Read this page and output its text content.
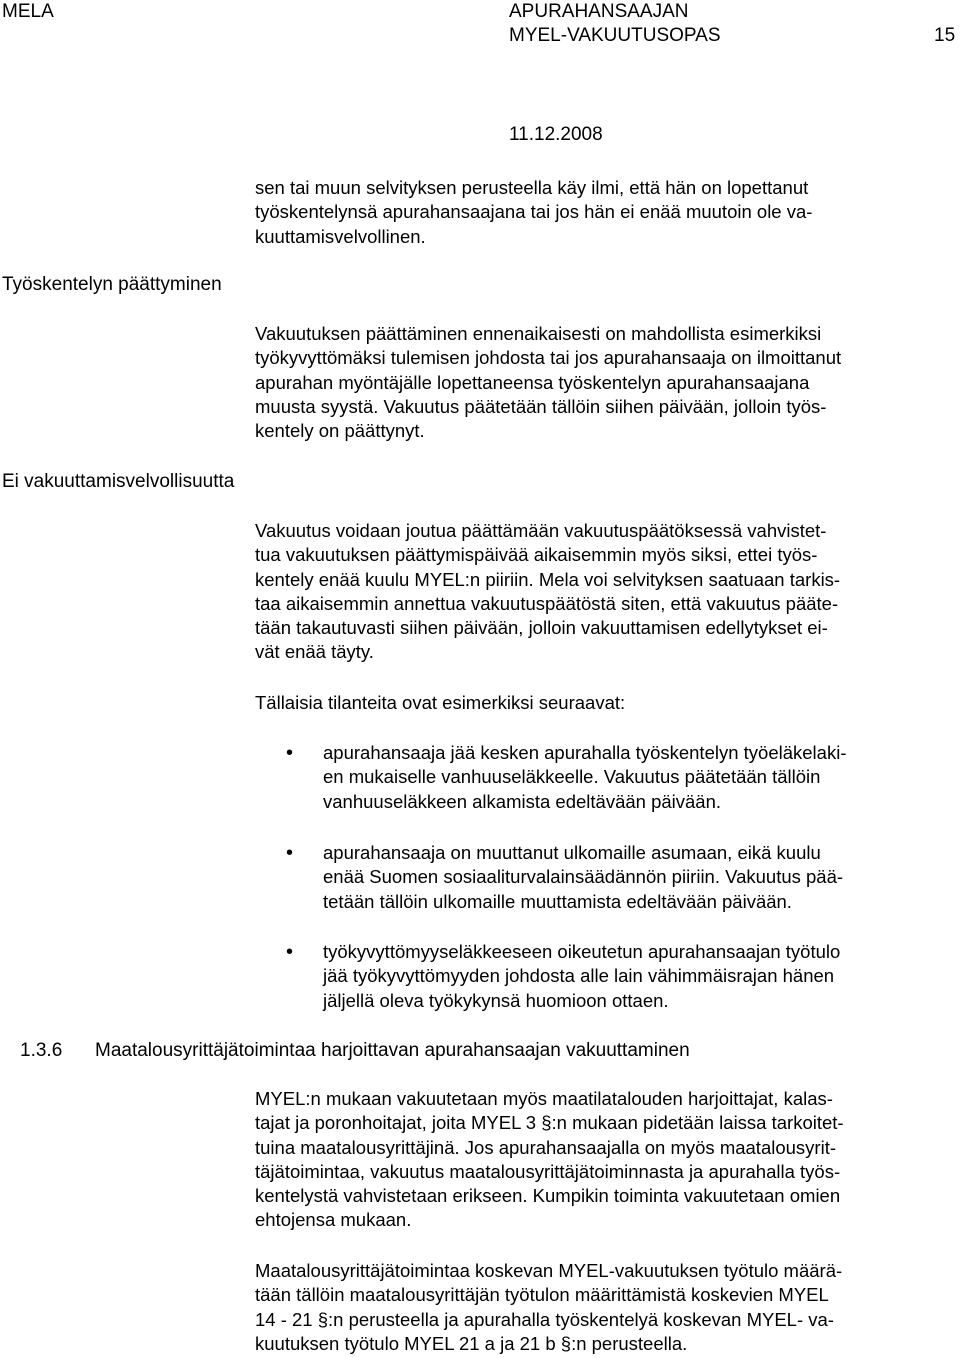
MELA	APURAHANSAAJAN
MYEL-VAKUUTUSOPAS	15
11.12.2008
sen tai muun selvityksen perusteella käy ilmi, että hän on lopettanut
työskentelynsä apurahansaajana tai jos hän ei enää muutoin ole va-
kuuttamisvelvollinen.
Työskentelyn päättyminen
Vakuutuksen päättäminen ennenaikaisesti on mahdollista esimerkiksi
työkyvyttömäksi tulemisen johdosta tai jos apurahansaaja on ilmoittanut
apurahan myöntäjälle lopettaneensa työskentelyn apurahansaajana
muusta syystä. Vakuutus päätetään tällöin siihen päivään, jolloin työs-
kentely on päättynyt.
Ei vakuuttamisvelvollisuutta
Vakuutus voidaan joutua päättämään vakuutuspäätöksessä vahvistet-
tua vakuutuksen päättymispäivää aikaisemmin myös siksi, ettei työs-
kentely enää kuulu MYEL:n piiriin. Mela voi selvityksen saatuaan tarkis-
taa aikaisemmin annettua vakuutuspäätöstä siten, että vakuutus pääte-
tään takautuvasti siihen päivään, jolloin vakuuttamisen edellytykset ei-
vät enää täyty.
Tällaisia tilanteita ovat esimerkiksi seuraavat:
•	apurahansaaja jää kesken apurahalla työskentelyn työeläkelaki-
en mukaiselle vanhuuseläkkeelle. Vakuutus päätetään tällöin
vanhuuseläkkeen alkamista edeltävään päivään.
•	apurahansaaja on muuttanut ulkomaille asumaan, eikä kuulu
enää Suomen sosiaaliturvalainsäädännön piiriin. Vakuutus pää-
tetään tällöin ulkomaille muuttamista edeltävään päivään.
•	työkyvyttömyyseläkkeeseen oikeutetun apurahansaajan työtulo
jää työkyvyttömyyden johdosta alle lain vähimmäisrajan hänen
jäljellä oleva työkykynsä huomioon ottaen.
1.3.6 Maatalousyrittäjätoimintaa harjoittavan apurahansaajan vakuuttaminen
MYEL:n mukaan vakuutetaan myös maatilatalouden harjoittajat, kalas-
tajat ja poronhoitajat, joita MYEL 3 §:n mukaan pidetään laissa tarkoitet-
tuina maatalousyrittäjinä. Jos apurahansaajalla on myös maatalousyrit-
täjätoimintaa, vakuutus maatalousyrittäjätoiminnasta ja apurahalla työs-
kentelystä vahvistetaan erikseen. Kumpikin toiminta vakuutetaan omien
ehtojensa mukaan.
Maatalousyrittäjätoimintaa koskevan MYEL-vakuutuksen työtulo määrä-
tään tällöin maatalousyrittäjän työtulon määrittämistä koskevien MYEL
14 - 21 §:n perusteella ja apurahalla työskentelyä koskevan MYEL- va-
kuutuksen työtulo MYEL 21 a ja 21 b §:n perusteella.
